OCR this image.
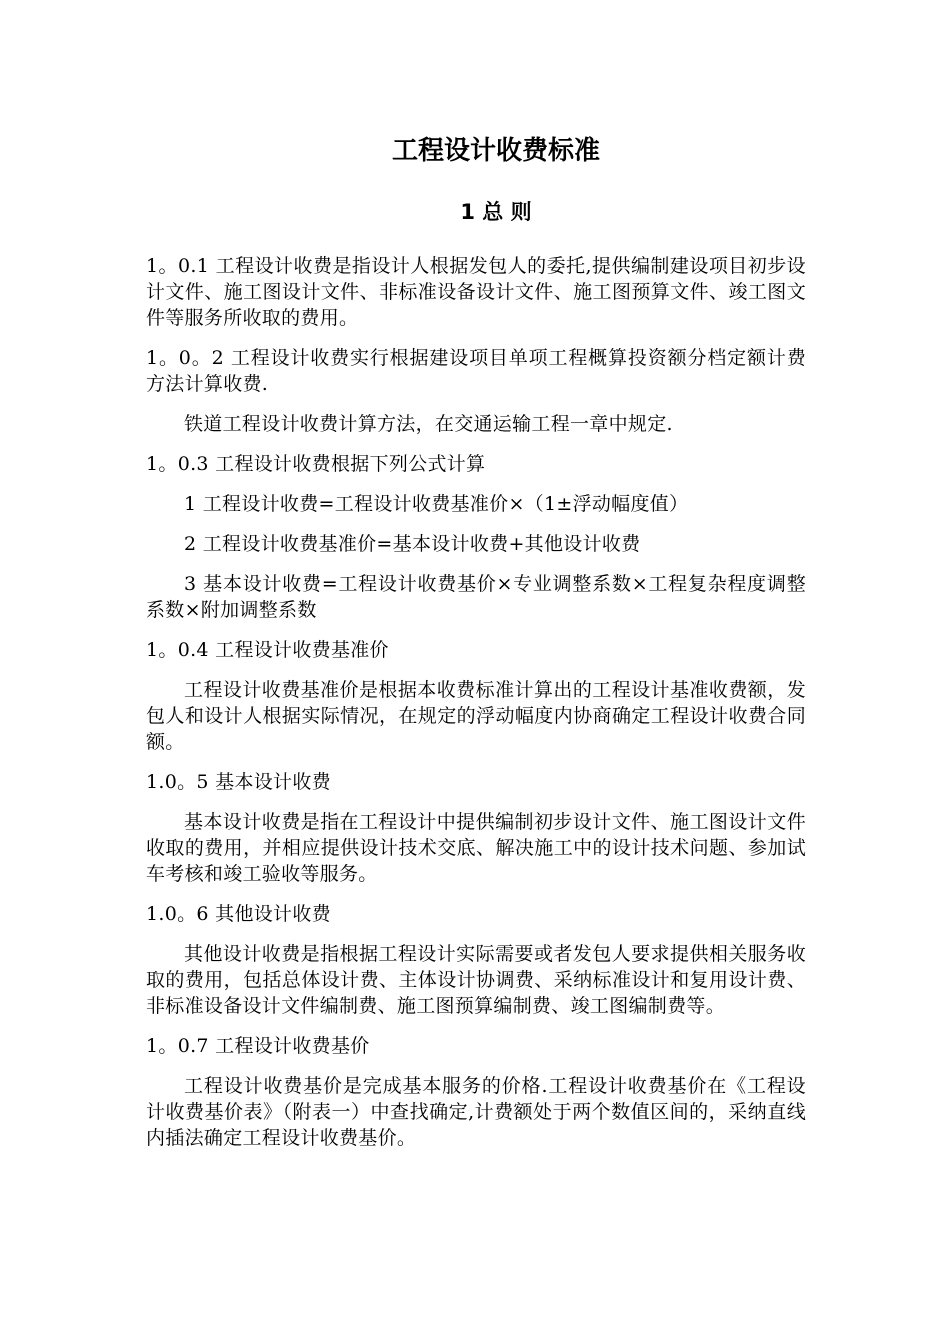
工程设计收费标准
1 总 则
1。0.1 工程设计收费是指设计人根据发包人的委托,提供编制建设项目初步设计文件、施工图设计文件、非标准设备设计文件、施工图预算文件、竣工图文件等服务所收取的费用。
1。0。2 工程设计收费实行根据建设项目单项工程概算投资额分档定额计费方法计算收费.
铁道工程设计收费计算方法，在交通运输工程一章中规定.
1。0.3 工程设计收费根据下列公式计算
1 工程设计收费=工程设计收费基准价×（1±浮动幅度值）
2 工程设计收费基准价=基本设计收费+其他设计收费
3 基本设计收费=工程设计收费基价×专业调整系数×工程复杂程度调整系数×附加调整系数
1。0.4 工程设计收费基准价
工程设计收费基准价是根据本收费标准计算出的工程设计基准收费额，发包人和设计人根据实际情况，在规定的浮动幅度内协商确定工程设计收费合同额。
1.0。5 基本设计收费
基本设计收费是指在工程设计中提供编制初步设计文件、施工图设计文件收取的费用，并相应提供设计技术交底、解决施工中的设计技术问题、参加试车考核和竣工验收等服务。
1.0。6 其他设计收费
其他设计收费是指根据工程设计实际需要或者发包人要求提供相关服务收取的费用，包括总体设计费、主体设计协调费、采纳标准设计和复用设计费、非标准设备设计文件编制费、施工图预算编制费、竣工图编制费等。
1。0.7 工程设计收费基价
工程设计收费基价是完成基本服务的价格.工程设计收费基价在《工程设计收费基价表》（附表一）中查找确定,计费额处于两个数值区间的，采纳直线内插法确定工程设计收费基价。
